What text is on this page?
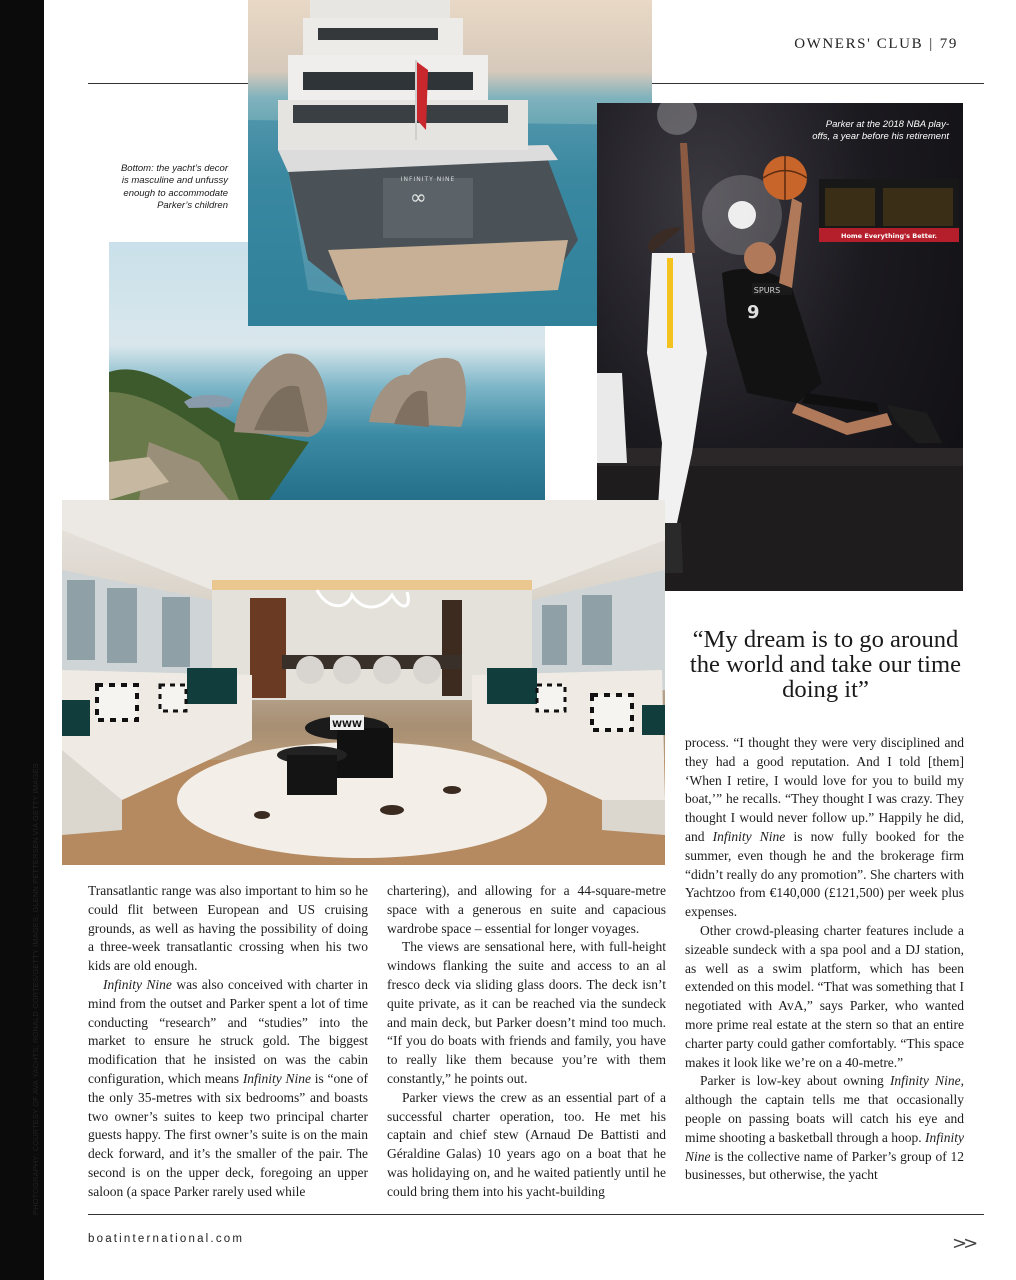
PHOTOGRAPHY: COURTESY OF AVA YACHTS; RONALD CORTES/GETTY IMAGES; GLENN PETTERSEN VIA GETTY IMAGES
OWNERS' CLUB | 79
INFINITY NINE
∞
Bottom: the yacht’s decor is masculine and unfussy enough to accommodate Parker’s children
Home Everything's Better.
SPURS
9
Parker at the 2018 NBA play-offs, a year before his retirement
WWW
“My dream is to go around the world and take our time doing it”

Transatlantic range was also important to him so he could flit between European and US cruising grounds, as well as having the possibility of doing a three-week transatlantic crossing when his two kids are old enough.

Infinity Nine was also conceived with charter in mind from the outset and Parker spent a lot of time conducting “research” and “studies” into the market to ensure he struck gold. The biggest modification that he insisted on was the cabin configuration, which means Infinity Nine is “one of the only 35-metres with six bedrooms” and boasts two owner’s suites to keep two principal charter guests happy. The first owner’s suite is on the main deck forward, and it’s the smaller of the pair. The second is on the upper deck, foregoing an upper saloon (a space Parker rarely used while

chartering), and allowing for a 44-square-metre space with a generous en suite and capacious wardrobe space – essential for longer voyages.

The views are sensational here, with full-height windows flanking the suite and access to an al fresco deck via sliding glass doors. The deck isn’t quite private, as it can be reached via the sundeck and main deck, but Parker doesn’t mind too much. “If you do boats with friends and family, you have to really like them because you’re with them constantly,” he points out.

Parker views the crew as an essential part of a successful charter operation, too. He met his captain and chief stew (Arnaud De Battisti and Géraldine Galas) 10 years ago on a boat that he was holidaying on, and he waited patiently until he could bring them into his yacht-building

process. “I thought they were very disciplined and they had a good reputation. And I told [them] ‘When I retire, I would love for you to build my boat,’” he recalls. “They thought I was crazy. They thought I would never follow up.” Happily he did, and Infinity Nine is now fully booked for the summer, even though he and the brokerage firm “didn’t really do any promotion”. She charters with Yachtzoo from €140,000 (£121,500) per week plus expenses.

Other crowd-pleasing charter features include a sizeable sundeck with a spa pool and a DJ station, as well as a swim platform, which has been extended on this model. “That was something that I negotiated with AvA,” says Parker, who wanted more prime real estate at the stern so that an entire charter party could gather comfortably. “This space makes it look like we’re on a 40-metre.”

Parker is low-key about owning Infinity Nine, although the captain tells me that occasionally people on passing boats will catch his eye and mime shooting a basketball through a hoop. Infinity Nine is the collective name of Parker’s group of 12 businesses, but otherwise, the yacht

boatinternational.com	>>
